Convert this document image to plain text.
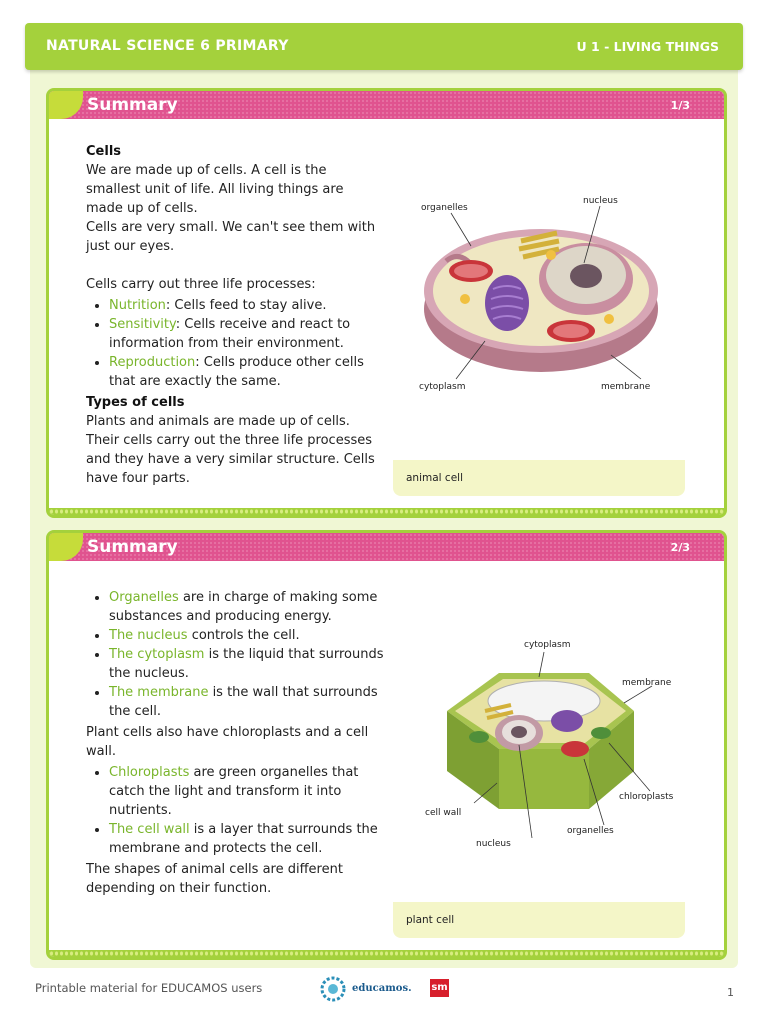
NATURAL SCIENCE 6 PRIMARY	U 1 - LIVING THINGS
Summary	1/3
Cells

We are made up of cells. A cell is the smallest unit of life. All living things are made up of cells.

Cells are very small. We can't see them with just our eyes.

Cells carry out three life processes:

• Nutrition: Cells feed to stay alive.
• Sensitivity: Cells receive and react to information from their environment.
• Reproduction: Cells produce other cells that are exactly the same.
Types of cells

Plants and animals are made up of cells. Their cells carry out the three life processes and they have a very similar structure. Cells have four parts.

organelles
nucleus
cytoplasm	membrane
animal cell
Summary	2/3
• Organelles are in charge of making some substances and producing energy.
• The nucleus controls the cell.
• The cytoplasm is the liquid that surrounds the nucleus.
• The membrane is the wall that surrounds the cell.

Plant cells also have chloroplasts and a cell wall.

• Chloroplasts are green organelles that catch the light and transform it into nutrients.
• The cell wall is a layer that surrounds the membrane and protects the cell.

The shapes of animal cells are different depending on their function.

cytoplasm
membrane
chloroplasts
cell wall
organelles
nucleus
plant cell
Printable material for EDUCAMOS users	educamos. sm	1
